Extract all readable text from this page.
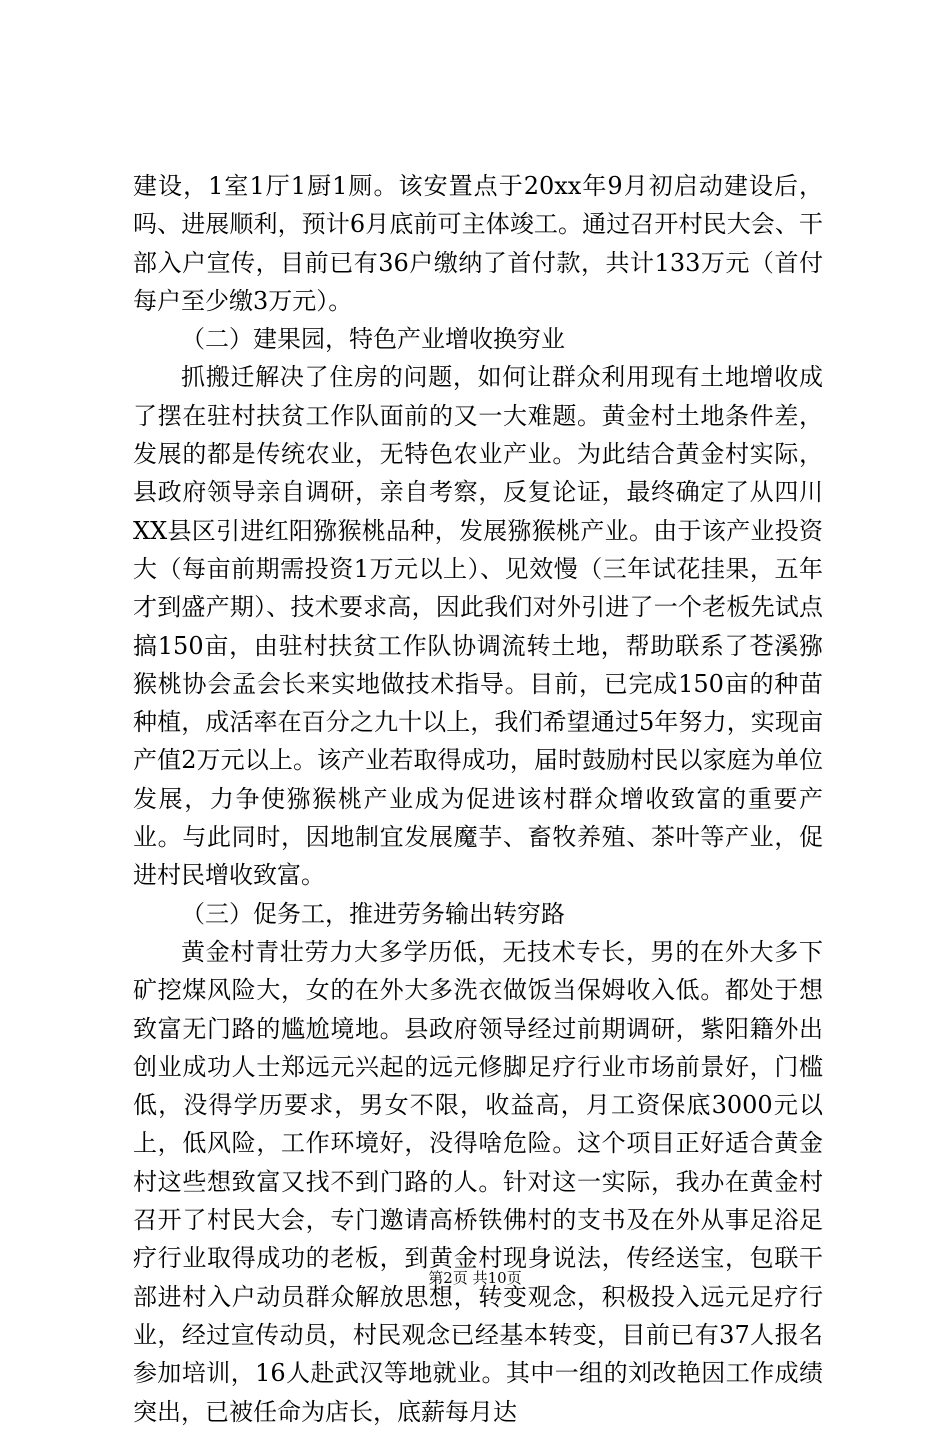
建设，1室1厅1厨1厕。该安置点于20xx年9月初启动建设后，吗、进展顺利，预计6月底前可主体竣工。通过召开村民大会、干部入户宣传，目前已有36户缴纳了首付款，共计133万元（首付每户至少缴3万元）。

（二）建果园，特色产业增收换穷业

抓搬迁解决了住房的问题，如何让群众利用现有土地增收成了摆在驻村扶贫工作队面前的又一大难题。黄金村土地条件差，发展的都是传统农业，无特色农业产业。为此结合黄金村实际，县政府领导亲自调研，亲自考察，反复论证，最终确定了从四川XX县区引进红阳猕猴桃品种，发展猕猴桃产业。由于该产业投资大（每亩前期需投资1万元以上）、见效慢（三年试花挂果，五年才到盛产期）、技术要求高，因此我们对外引进了一个老板先试点搞150亩，由驻村扶贫工作队协调流转土地，帮助联系了苍溪猕猴桃协会孟会长来实地做技术指导。目前，已完成150亩的种苗种植，成活率在百分之九十以上，我们希望通过5年努力，实现亩产值2万元以上。该产业若取得成功，届时鼓励村民以家庭为单位发展，力争使猕猴桃产业成为促进该村群众增收致富的重要产业。与此同时，因地制宜发展魔芋、畜牧养殖、茶叶等产业，促进村民增收致富。

（三）促务工，推进劳务输出转穷路

黄金村青壮劳力大多学历低，无技术专长，男的在外大多下矿挖煤风险大，女的在外大多洗衣做饭当保姆收入低。都处于想致富无门路的尴尬境地。县政府领导经过前期调研，紫阳籍外出创业成功人士郑远元兴起的远元修脚足疗行业市场前景好，门槛低，没得学历要求，男女不限，收益高，月工资保底3000元以上，低风险，工作环境好，没得啥危险。这个项目正好适合黄金村这些想致富又找不到门路的人。针对这一实际，我办在黄金村召开了村民大会，专门邀请高桥铁佛村的支书及在外从事足浴足疗行业取得成功的老板，到黄金村现身说法，传经送宝，包联干部进村入户动员群众解放思想，转变观念，积极投入远元足疗行业，经过宣传动员，村民观念已经基本转变，目前已有37人报名参加培训，16人赴武汉等地就业。其中一组的刘改艳因工作成绩突出，已被任命为店长，底薪每月达

第2页 共10页
